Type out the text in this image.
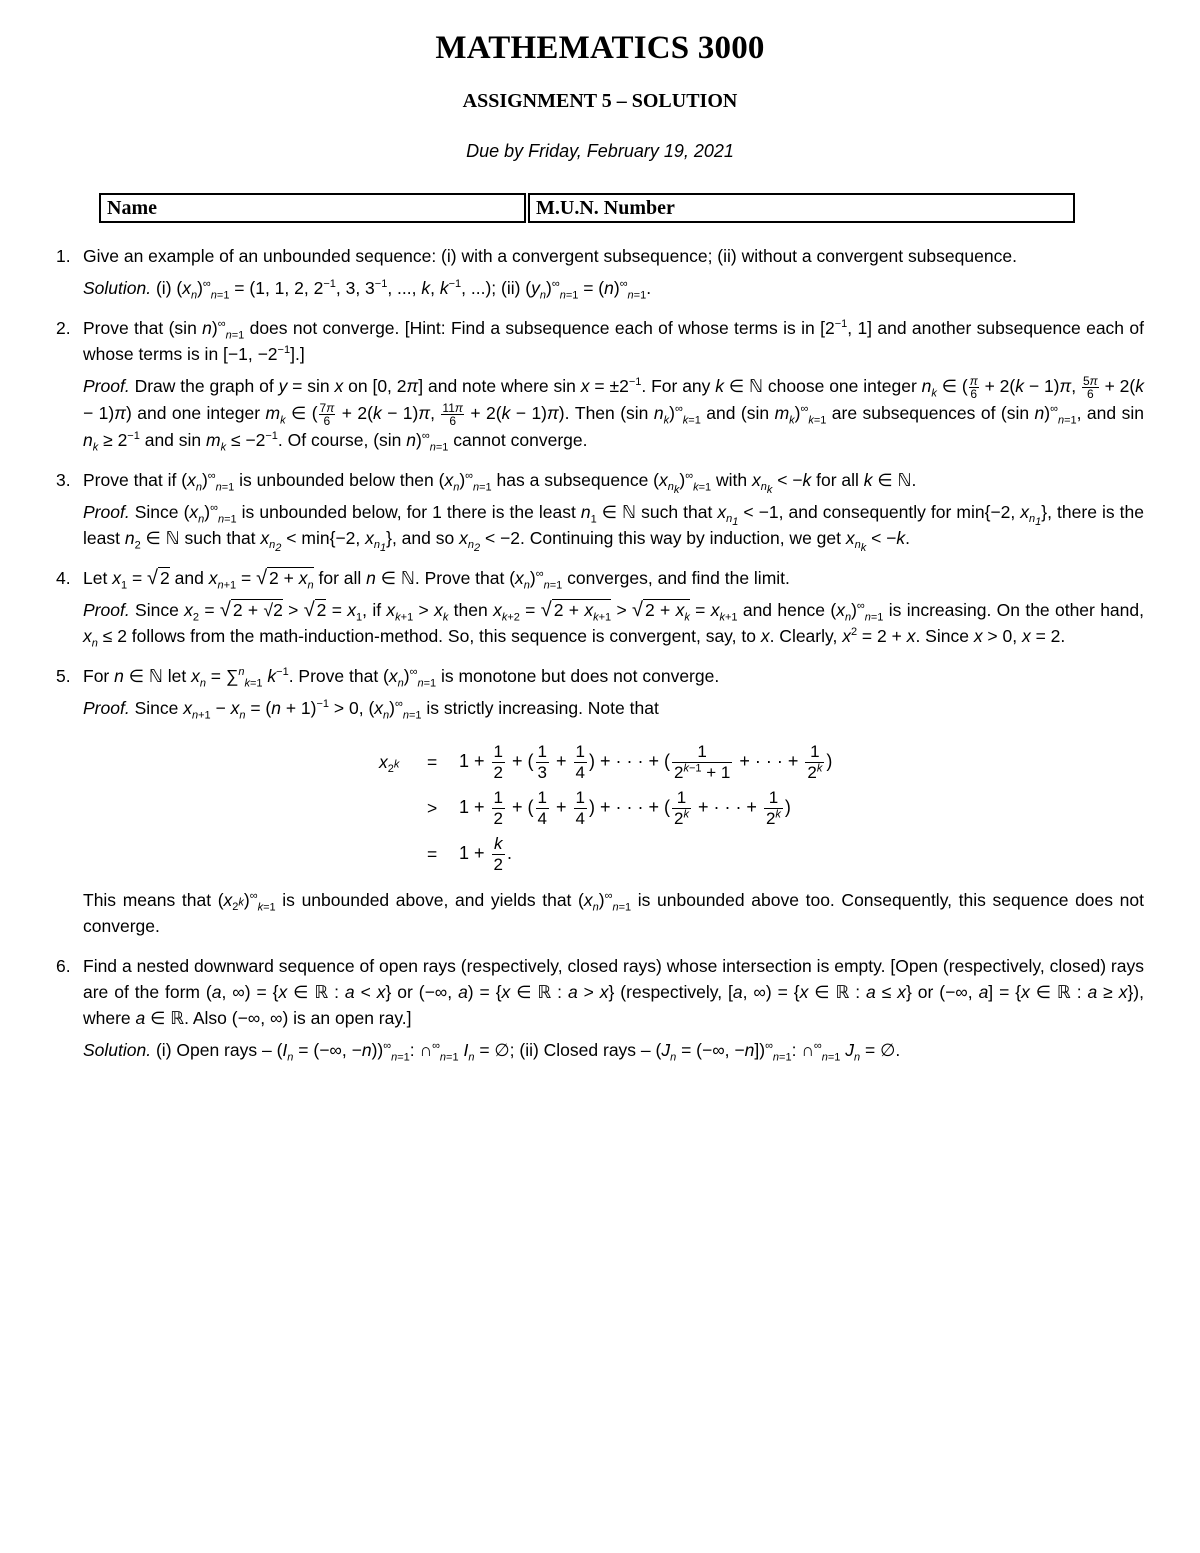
MATHEMATICS 3000
ASSIGNMENT 5 – SOLUTION
Due by Friday, February 19, 2021
Name	M.U.N. Number
1. Give an example of an unbounded sequence: (i) with a convergent subsequence; (ii) without a convergent subsequence.
Solution. (i) $(x_n)^\infty_{n=1} = (1$, 1, 2, $2^{-1}$, 3, $3^{-1}$, ..., k, $k^{-1}$, ...); (ii) $(y_n)^\infty_{n=1} = (n)^\infty_{n=1}$.
2. Prove that (sin $n)^\infty_{n=1}$ does not converge. [Hint: Find a subsequence each of whose terms is in [$2^{-1}$, 1] and another subsequence each of whose terms is in [−1, $-2^{-1}$].]
Proof. Draw the graph of y = sin x on [0, 2π] and note where $\sin x = \pm 2^{-1}$. For any k ∈ ℕ choose one integer $n_k$ ∈ ( $\frac{\pi}{6} + 2(k - 1)\pi$, $\frac{5\pi}{6} + 2(k - 1)\pi$) and one integer $m_k$ ∈ ( $\frac{7\pi}{6} + 2(k - 1)\pi$, $\frac{11\pi}{6} + 2(k - 1)\pi$). Then (sin $n_k)^\infty_{k=1}$ and (sin $m_k)^\infty_{k=1}$ are subsequences of (sin $n)^\infty_{n=1}$, and $\sin n_k \ge 2^{-1}$ and $\sin m_k \le -2^{-1}$. Of course, (sin $n)^\infty_{n=1}$ cannot converge.
3. Prove that if $(x_n)^\infty_{n=1}$ is unbounded below then $(x_n)^\infty_{n=1}$ has a subsequence $(x_{n_k})^\infty_{k=1}$ with $x_{n_k} < -k$ for all k ∈ ℕ.
Proof. Since $(x_n)^\infty_{n=1}$ is unbounded below, for 1 there is the least $n_1$ ∈ ℕ such that $x_{n_1} < -1$, and consequently for min{−2, $x_{n_1}$}, there is the least $n_2$ ∈ ℕ such that $x_{n_2} < \min\{-2$, $x_{n_1}$}, and so $x_{n_2} < -2$. Continuing this way by induction, we get $x_{n_k} < -k$.
4. Let $x_1$ = √ 2 and $x_{n+1}$ = √ $2 + x_n$ for all n ∈ ℕ. Prove that $(x_n)^\infty_{n=1}$ converges, and find the limit.
Proof. Since $x_2$ = √ 2 + √2 > √ $2 = x_1$, if $x_{k+1} > x_k$ then $x_{k+2}$ = √ $2 + x_{k+1}$ > √ $2 + x_k = x_{k+1}$ and hence $(x_n)^\infty_{n=1}$ is increasing. On the other hand, $x_n \le 2$ follows from the math-induction-method. So, this sequence is convergent, say, to x. Clearly, $x^2 = 2 + x$. Since x > 0, x = 2.
5. For n ∈ ℕ let $x_n = \sum^n_{k=1}$ $k^{-1}$. Prove that $(x_n)^\infty_{n=1}$ is monotone but does not converge.
Proof. Since $x_{n+1} - x_n = (n + 1)^{-1} > 0$, $(x_n)^\infty_{n=1}$ is strictly increasing. Note that
$x_{2^k} = 1 + \frac{1}{2}$ + ( $\frac{1}{3} + \frac{1}{4}$ ) + · · · + ( $\frac{1}{2^{k-1} + 1}$ + · · · + $\frac{1}{2^k}$ )
> $1 + \frac{1}{2}$ + ( $\frac{1}{4} + \frac{1}{4}$ ) + · · · + ( $\frac{1}{2^k}$ + · · · + $\frac{1}{2^k}$ )
= $1 + \frac{k}{2}$ .
This means that $(x_{2^k})^\infty_{k=1}$ is unbounded above, and yields that $(x_n)^\infty_{n=1}$ is unbounded above too. Consequently, this sequence does not converge.
6. Find a nested downward sequence of open rays (respectively, closed rays) whose intersection is empty. [Open (respectively, closed) rays are of the form (a, ∞) = {x ∈ ℝ : a < x} or (−∞, a) = {x ∈ ℝ : a > x} (respectively, [a, ∞) = {x ∈ ℝ : a ≤ x} or (−∞, a] = {x ∈ ℝ : a ≥ x}), where a ∈ ℝ. Also (−∞, ∞) is an open ray.]
Solution. (i) Open rays – ($I_n$ = (−∞, $-n))^\infty_{n=1}$: $\cap^\infty_{n=1}$ $I_n$ = ∅; (ii) Closed rays – ($J_n$ = (−∞, $-n])^\infty_{n=1}$: $\cap^\infty_{n=1}$ $J_n$ = ∅.
